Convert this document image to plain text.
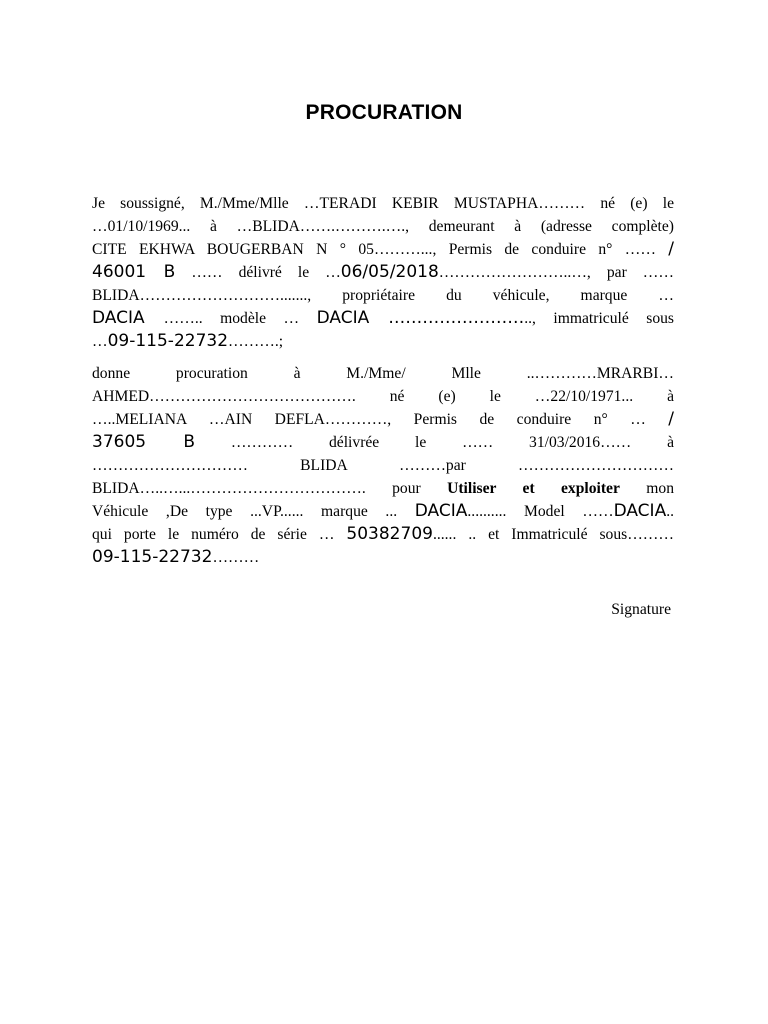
PROCURATION
Je soussigné, M./Mme/Mlle …TERADI KEBIR MUSTAPHA……… né (e) le
…01/10/1969... à …BLIDA…….……….…., demeurant à (adresse complète)
CITE EKHWA BOUGERBAN N ° 05………..., Permis de conduire n° …… /
46001 B …… délivré le …06/05/2018……………………..…, par ……
BLIDA………………………......., propriétaire du véhicule, marque …
DACIA …….. modèle … DACIA …………………….., immatriculé sous
…09-115-22732……….;
donne procuration à M./Mme/ Mlle ..…………MRARBI…
AHMED…………………………………. né (e) le …22/10/1971... à
…..MELIANA …AIN DEFLA…………, Permis de conduire n° … /
37605 B ………… délivrée le …… 31/03/2016…… à
………………………… BLIDA ………par …………………………
BLIDA…..…...……………………………. pour Utiliser et exploiter mon
Véhicule ,De type ...VP...... marque ... DACIA.......... Model ……DACIA..
qui porte le numéro de série … 50382709...... .. et Immatriculé sous………
09-115-22732………
Signature
